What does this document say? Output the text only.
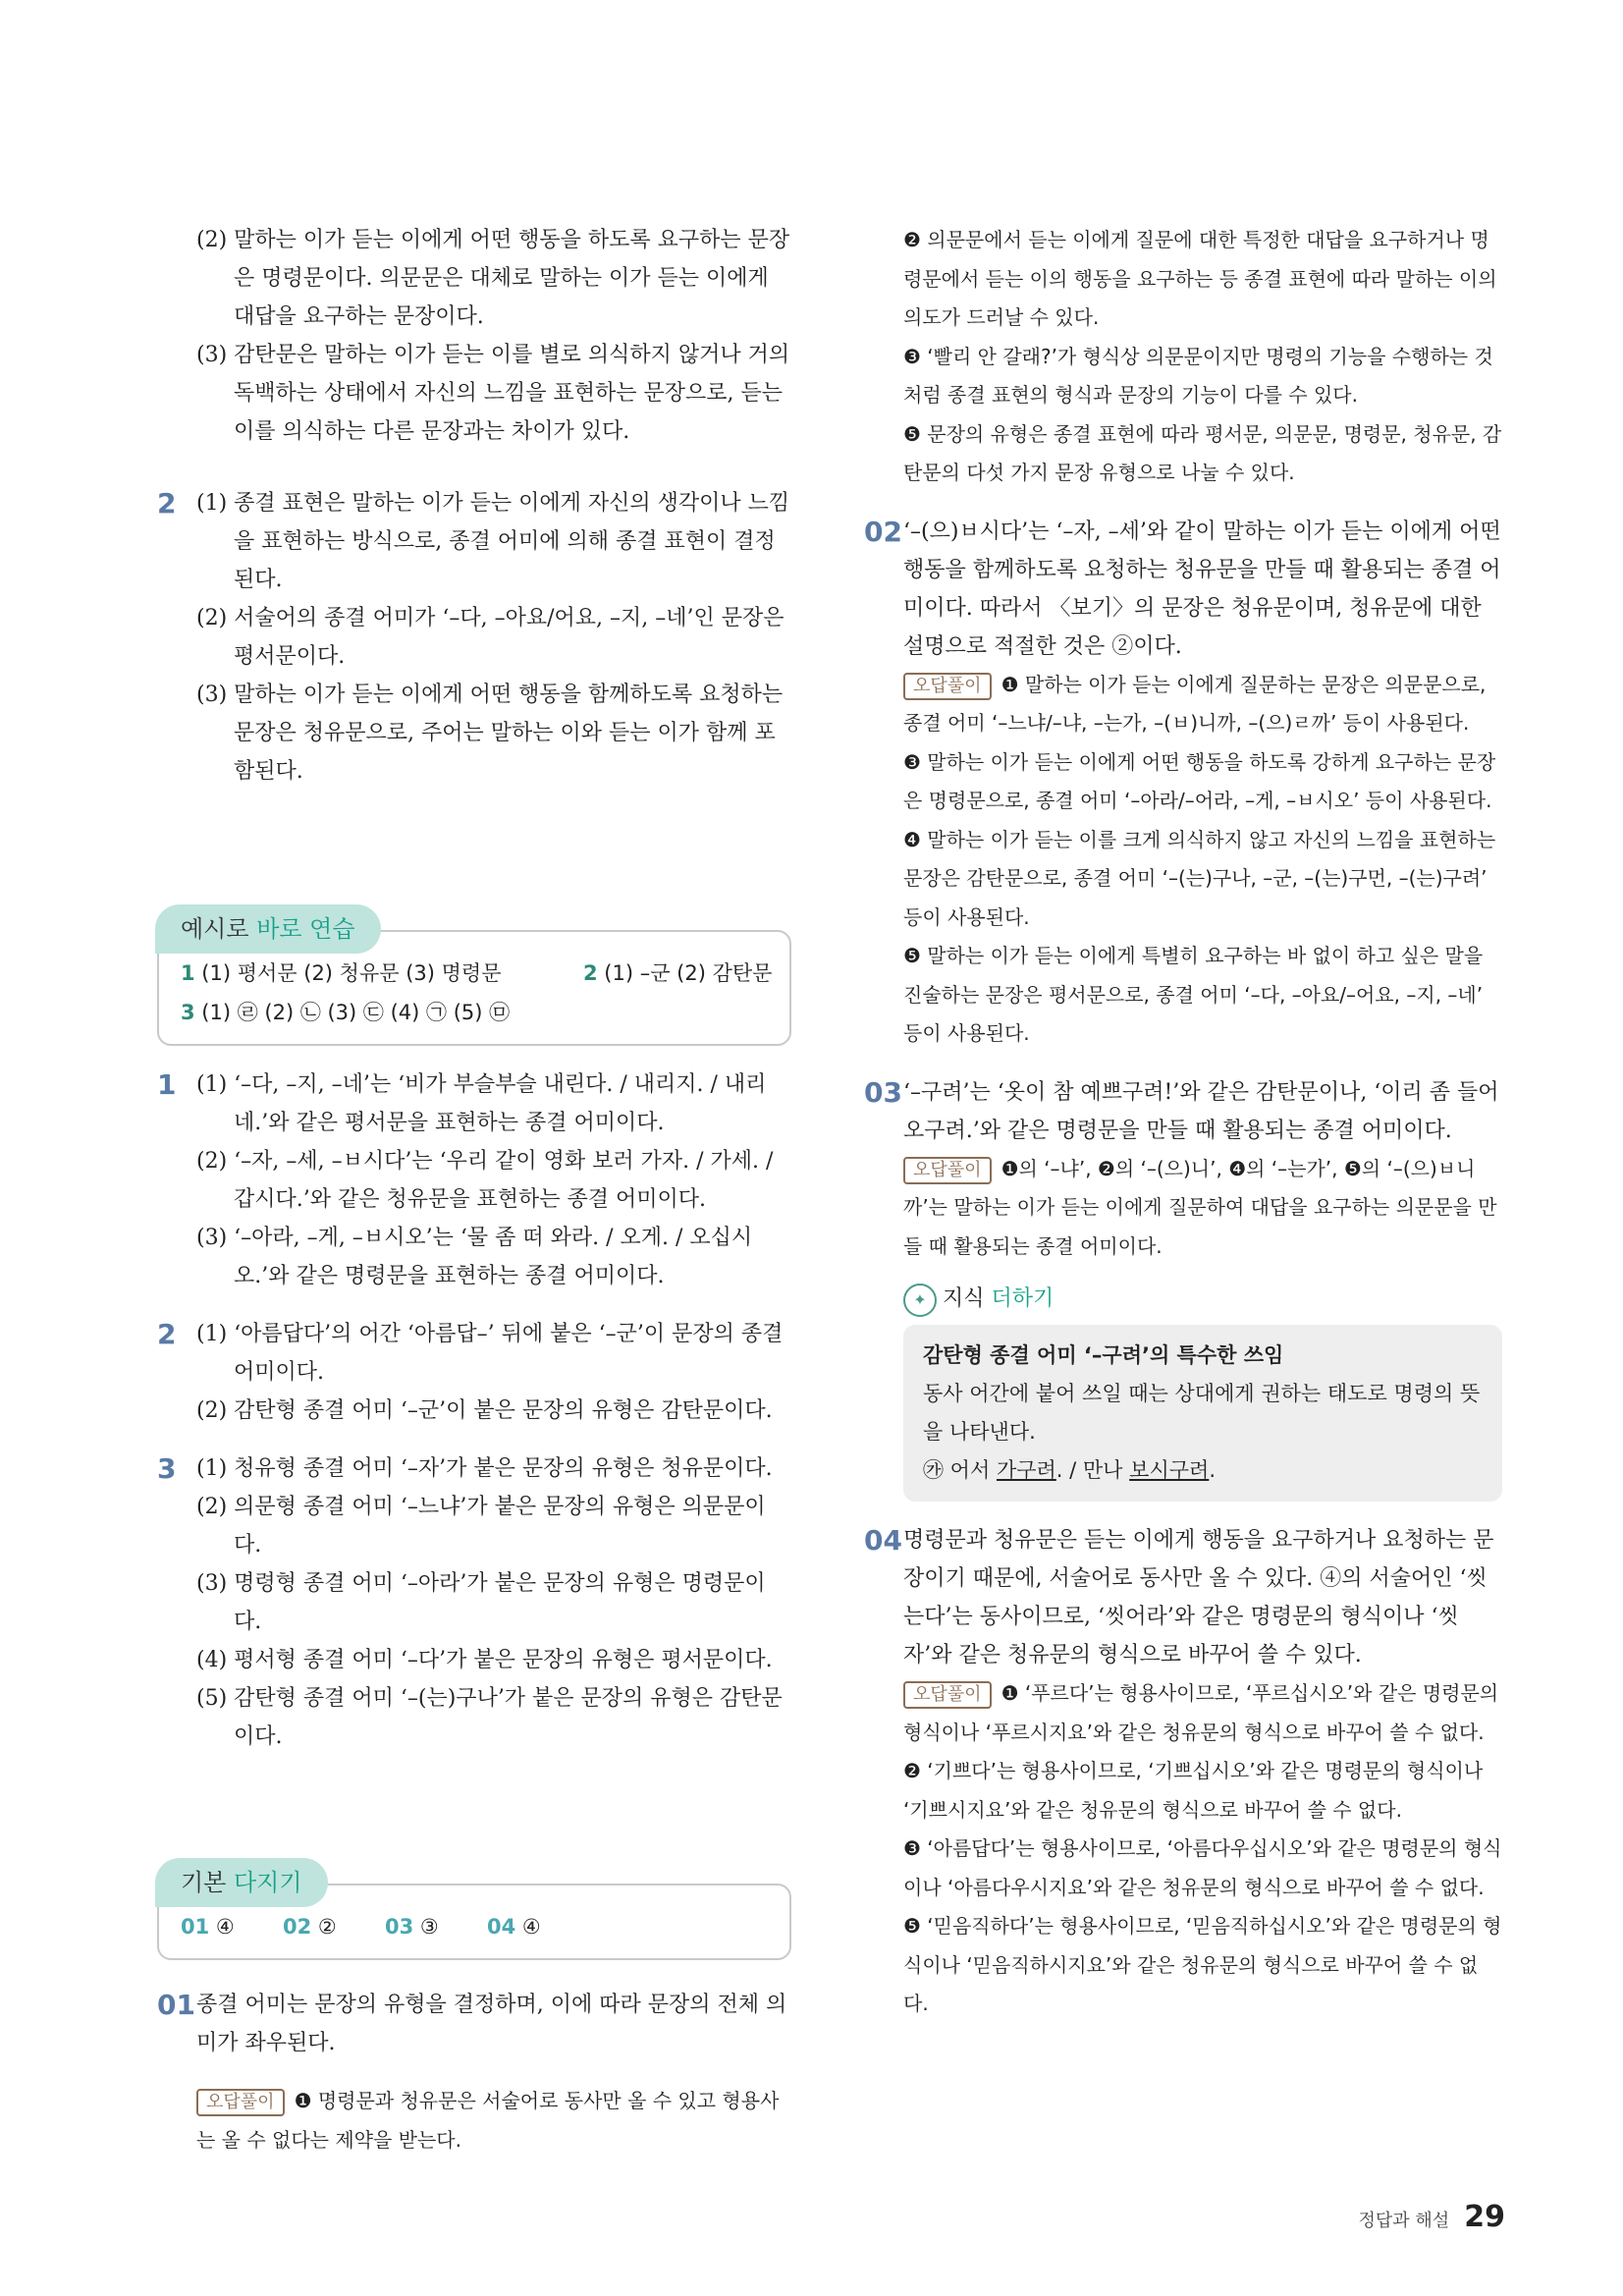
(2) 말하는 이가 듣는 이에게 어떤 행동을 하도록 요구하는 문장은 명령문이다. 의문문은 대체로 말하는 이가 듣는 이에게 대답을 요구하는 문장이다.

(3) 감탄문은 말하는 이가 듣는 이를 별로 의식하지 않거나 거의 독백하는 상태에서 자신의 느낌을 표현하는 문장으로, 듣는 이를 의식하는 다른 문장과는 차이가 있다.

2 (1) 종결 표현은 말하는 이가 듣는 이에게 자신의 생각이나 느낌을 표현하는 방식으로, 종결 어미에 의해 종결 표현이 결정된다.

(2) 서술어의 종결 어미가 ‘–다, –아요/어요, –지, –네’인 문장은 평서문이다.

(3) 말하는 이가 듣는 이에게 어떤 행동을 함께하도록 요청하는 문장은 청유문으로, 주어는 말하는 이와 듣는 이가 함께 포함된다.

예시로 바로 연습
1 (1) 평서문 (2) 청유문 (3) 명령문	2 (1) –군 (2) 감탄문
3 (1) ㉣ (2) ㉡ (3) ㉢ (4) ㉠ (5) ㉤
1 (1) ‘–다, –지, –네’는 ‘비가 부슬부슬 내린다. / 내리지. / 내리네.’와 같은 평서문을 표현하는 종결 어미이다.

(2) ‘–자, –세, –ㅂ시다’는 ‘우리 같이 영화 보러 가자. / 가세. / 갑시다.’와 같은 청유문을 표현하는 종결 어미이다.

(3) ‘–아라, –게, –ㅂ시오’는 ‘물 좀 떠 와라. / 오게. / 오십시오.’와 같은 명령문을 표현하는 종결 어미이다.

2 (1) ‘아름답다’의 어간 ‘아름답–’ 뒤에 붙은 ‘–군’이 문장의 종결 어미이다.

(2) 감탄형 종결 어미 ‘–군’이 붙은 문장의 유형은 감탄문이다.

3 (1) 청유형 종결 어미 ‘–자’가 붙은 문장의 유형은 청유문이다.

(2) 의문형 종결 어미 ‘–느냐’가 붙은 문장의 유형은 의문문이다.

(3) 명령형 종결 어미 ‘–아라’가 붙은 문장의 유형은 명령문이다.

(4) 평서형 종결 어미 ‘–다’가 붙은 문장의 유형은 평서문이다.

(5) 감탄형 종결 어미 ‘–(는)구나’가 붙은 문장의 유형은 감탄문이다.

기본 다지기
01 ④ 02 ② 03 ③ 04 ④
01 종결 어미는 문장의 유형을 결정하며, 이에 따라 문장의 전체 의미가 좌우된다.

오답풀이 ❶ 명령문과 청유문은 서술어로 동사만 올 수 있고 형용사는 올 수 없다는 제약을 받는다.

❷ 의문문에서 듣는 이에게 질문에 대한 특정한 대답을 요구하거나 명령문에서 듣는 이의 행동을 요구하는 등 종결 표현에 따라 말하는 이의 의도가 드러날 수 있다.

❸ ‘빨리 안 갈래?’가 형식상 의문문이지만 명령의 기능을 수행하는 것처럼 종결 표현의 형식과 문장의 기능이 다를 수 있다.

❺ 문장의 유형은 종결 표현에 따라 평서문, 의문문, 명령문, 청유문, 감탄문의 다섯 가지 문장 유형으로 나눌 수 있다.

02 ‘–(으)ㅂ시다’는 ‘–자, –세’와 같이 말하는 이가 듣는 이에게 어떤 행동을 함께하도록 요청하는 청유문을 만들 때 활용되는 종결 어미이다. 따라서 〈보기〉의 문장은 청유문이며, 청유문에 대한 설명으로 적절한 것은 ②이다.

오답풀이 ❶ 말하는 이가 듣는 이에게 질문하는 문장은 의문문으로, 종결 어미 ‘–느냐/–냐, –는가, –(ㅂ)니까, –(으)ㄹ까’ 등이 사용된다.

❸ 말하는 이가 듣는 이에게 어떤 행동을 하도록 강하게 요구하는 문장은 명령문으로, 종결 어미 ‘–아라/–어라, –게, –ㅂ시오’ 등이 사용된다.

❹ 말하는 이가 듣는 이를 크게 의식하지 않고 자신의 느낌을 표현하는 문장은 감탄문으로, 종결 어미 ‘–(는)구나, –군, –(는)구먼, –(는)구려’ 등이 사용된다.

❺ 말하는 이가 듣는 이에게 특별히 요구하는 바 없이 하고 싶은 말을 진술하는 문장은 평서문으로, 종결 어미 ‘–다, –아요/–어요, –지, –네’ 등이 사용된다.

03 ‘–구려’는 ‘옷이 참 예쁘구려!’와 같은 감탄문이나, ‘이리 좀 들어오구려.’와 같은 명령문을 만들 때 활용되는 종결 어미이다.

오답풀이 ❶의 ‘–냐’, ❷의 ‘–(으)니’, ❹의 ‘–는가’, ❺의 ‘–(으)ㅂ니까’는 말하는 이가 듣는 이에게 질문하여 대답을 요구하는 의문문을 만들 때 활용되는 종결 어미이다.

✦ 지식 더하기
감탄형 종결 어미 ‘–구려’의 특수한 쓰임
동사 어간에 붙어 쓰일 때는 상대에게 권하는 태도로 명령의 뜻을 나타낸다.
㉮ 어서 가구려. / 만나 보시구려.
04 명령문과 청유문은 듣는 이에게 행동을 요구하거나 요청하는 문장이기 때문에, 서술어로 동사만 올 수 있다. ④의 서술어인 ‘씻는다’는 동사이므로, ‘씻어라’와 같은 명령문의 형식이나 ‘씻자’와 같은 청유문의 형식으로 바꾸어 쓸 수 있다.

오답풀이 ❶ ‘푸르다’는 형용사이므로, ‘푸르십시오’와 같은 명령문의 형식이나 ‘푸르시지요’와 같은 청유문의 형식으로 바꾸어 쓸 수 없다.

❷ ‘기쁘다’는 형용사이므로, ‘기쁘십시오’와 같은 명령문의 형식이나 ‘기쁘시지요’와 같은 청유문의 형식으로 바꾸어 쓸 수 없다.

❸ ‘아름답다’는 형용사이므로, ‘아름다우십시오’와 같은 명령문의 형식이나 ‘아름다우시지요’와 같은 청유문의 형식으로 바꾸어 쓸 수 없다.

❺ ‘믿음직하다’는 형용사이므로, ‘믿음직하십시오’와 같은 명령문의 형식이나 ‘믿음직하시지요’와 같은 청유문의 형식으로 바꾸어 쓸 수 없다.

정답과 해설 29
